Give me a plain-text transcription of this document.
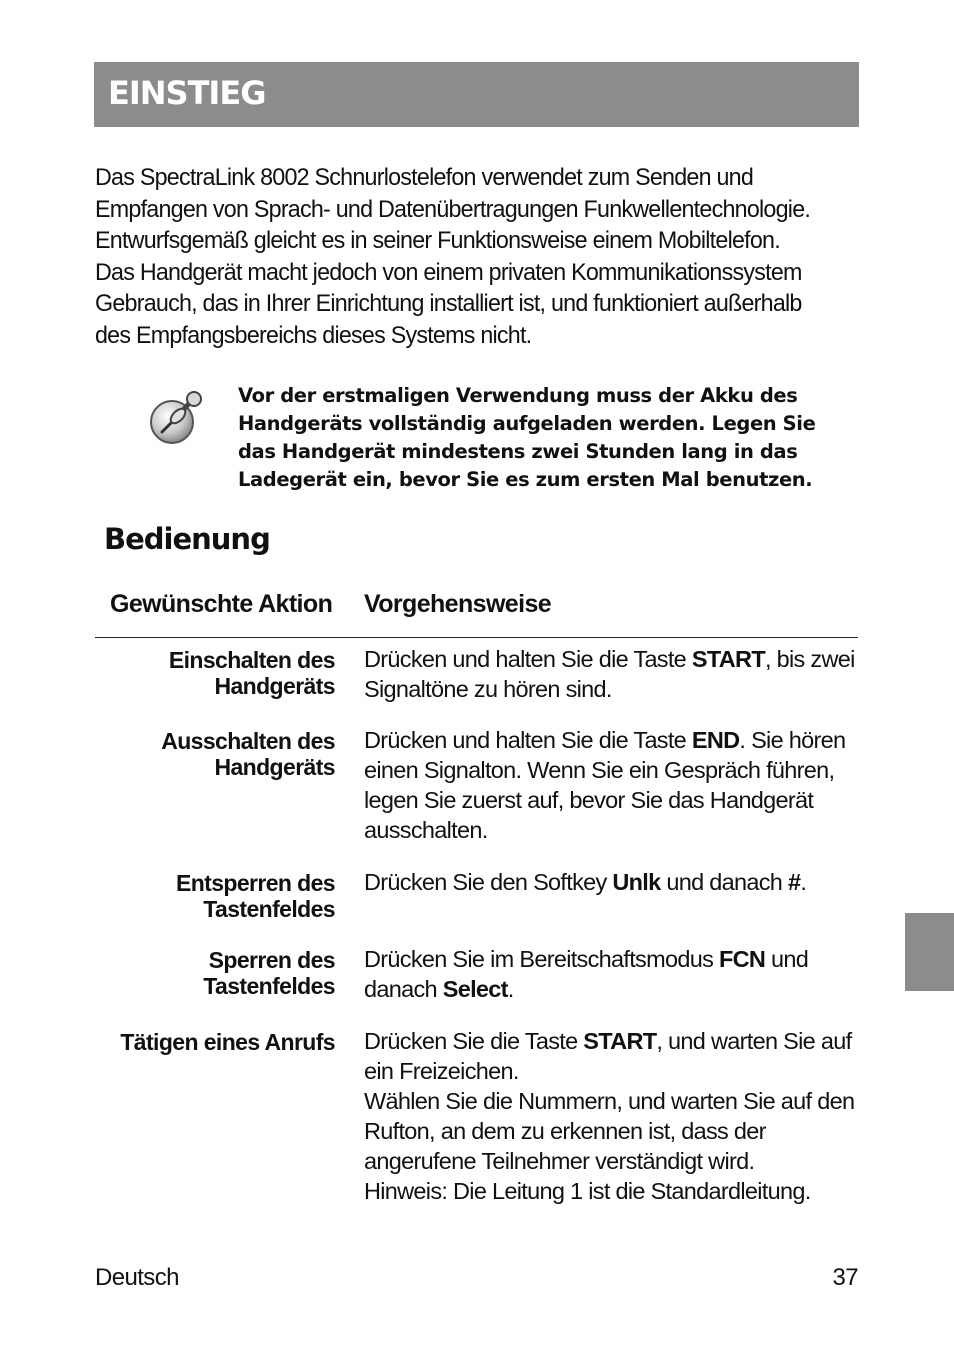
EINSTIEG
Das SpectraLink 8002 Schnurlostelefon verwendet zum Senden und
Empfangen von Sprach- und Datenübertragungen Funkwellentechnologie.
Entwurfsgemäß gleicht es in seiner Funktionsweise einem Mobiltelefon.
Das Handgerät macht jedoch von einem privaten Kommunikationssystem
Gebrauch, das in Ihrer Einrichtung installiert ist, und funktioniert außerhalb
des Empfangsbereichs dieses Systems nicht.
Vor der erstmaligen Verwendung muss der Akku des
Handgeräts vollständig aufgeladen werden. Legen Sie
das Handgerät mindestens zwei Stunden lang in das
Ladegerät ein, bevor Sie es zum ersten Mal benutzen.
Bedienung
Gewünschte Aktion Vorgehensweise
Einschalten des
Handgeräts
Drücken und halten Sie die Taste START, bis zwei
Signaltöne zu hören sind.
Ausschalten des
Handgeräts
Drücken und halten Sie die Taste END. Sie hören
einen Signalton. Wenn Sie ein Gespräch führen,
legen Sie zuerst auf, bevor Sie das Handgerät
ausschalten.
Entsperren des
Tastenfeldes
Drücken Sie den Softkey Unlk und danach #.
Sperren des
Tastenfeldes
Drücken Sie im Bereitschaftsmodus FCN und
danach Select.
Tätigen eines Anrufs Drücken Sie die Taste START, und warten Sie auf
ein Freizeichen.
Wählen Sie die Nummern, und warten Sie auf den
Rufton, an dem zu erkennen ist, dass der
angerufene Teilnehmer verständigt wird.
Hinweis: Die Leitung 1 ist die Standardleitung.
Deutsch	37
